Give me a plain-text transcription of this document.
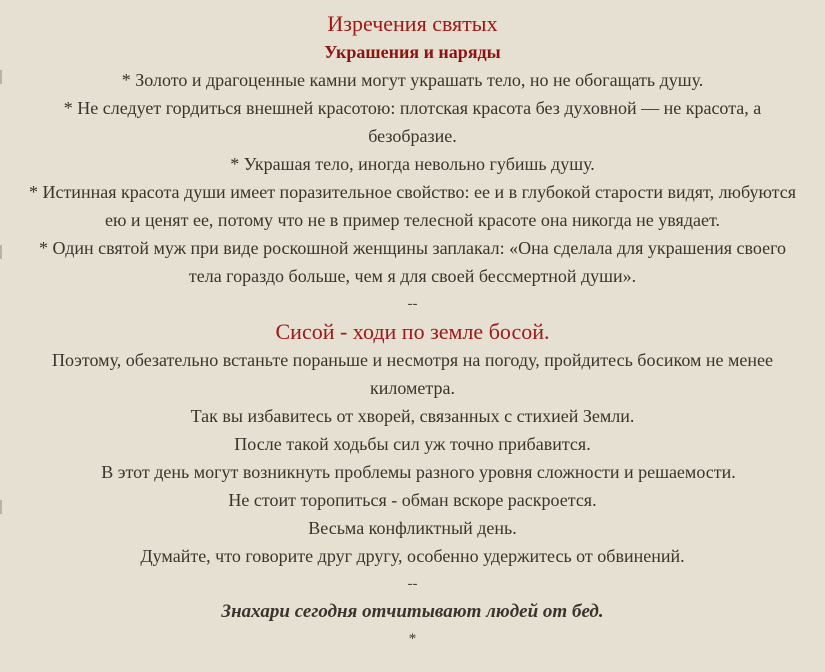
Изречения святых

Украшения и наряды

* Золото и драгоценные камни могут украшать тело, но не обогащать душу.

* Не следует гордиться внешней красотою: плотская красота без духовной — не красота, а безобразие.

* Украшая тело, иногда невольно губишь душу.

* Истинная красота души имеет поразительное свойство: ее и в глубокой старости видят, любуются ею и ценят ее, потому что не в пример телесной красоте она никогда не увядает.

* Один святой муж при виде роскошной женщины заплакал: «Она сделала для украшения своего тела гораздо больше, чем я для своей бессмертной души».

--

Сисой - ходи по земле босой.

Поэтому, обезательно встаньте пораньше и несмотря на погоду, пройдитесь босиком не менее километра.

Так вы избавитесь от хворей, связанных с стихией Земли.

После такой ходьбы сил уж точно прибавится.

В этот день могут возникнуть проблемы разного уровня сложности и решаемости.

Не стоит торопиться - обман вскоре раскроется.

Весьма конфликтный день.

Думайте, что говорите друг другу, особенно удержитесь от обвинений.

--

Знахари сегодня отчитывают людей от бед.

*
